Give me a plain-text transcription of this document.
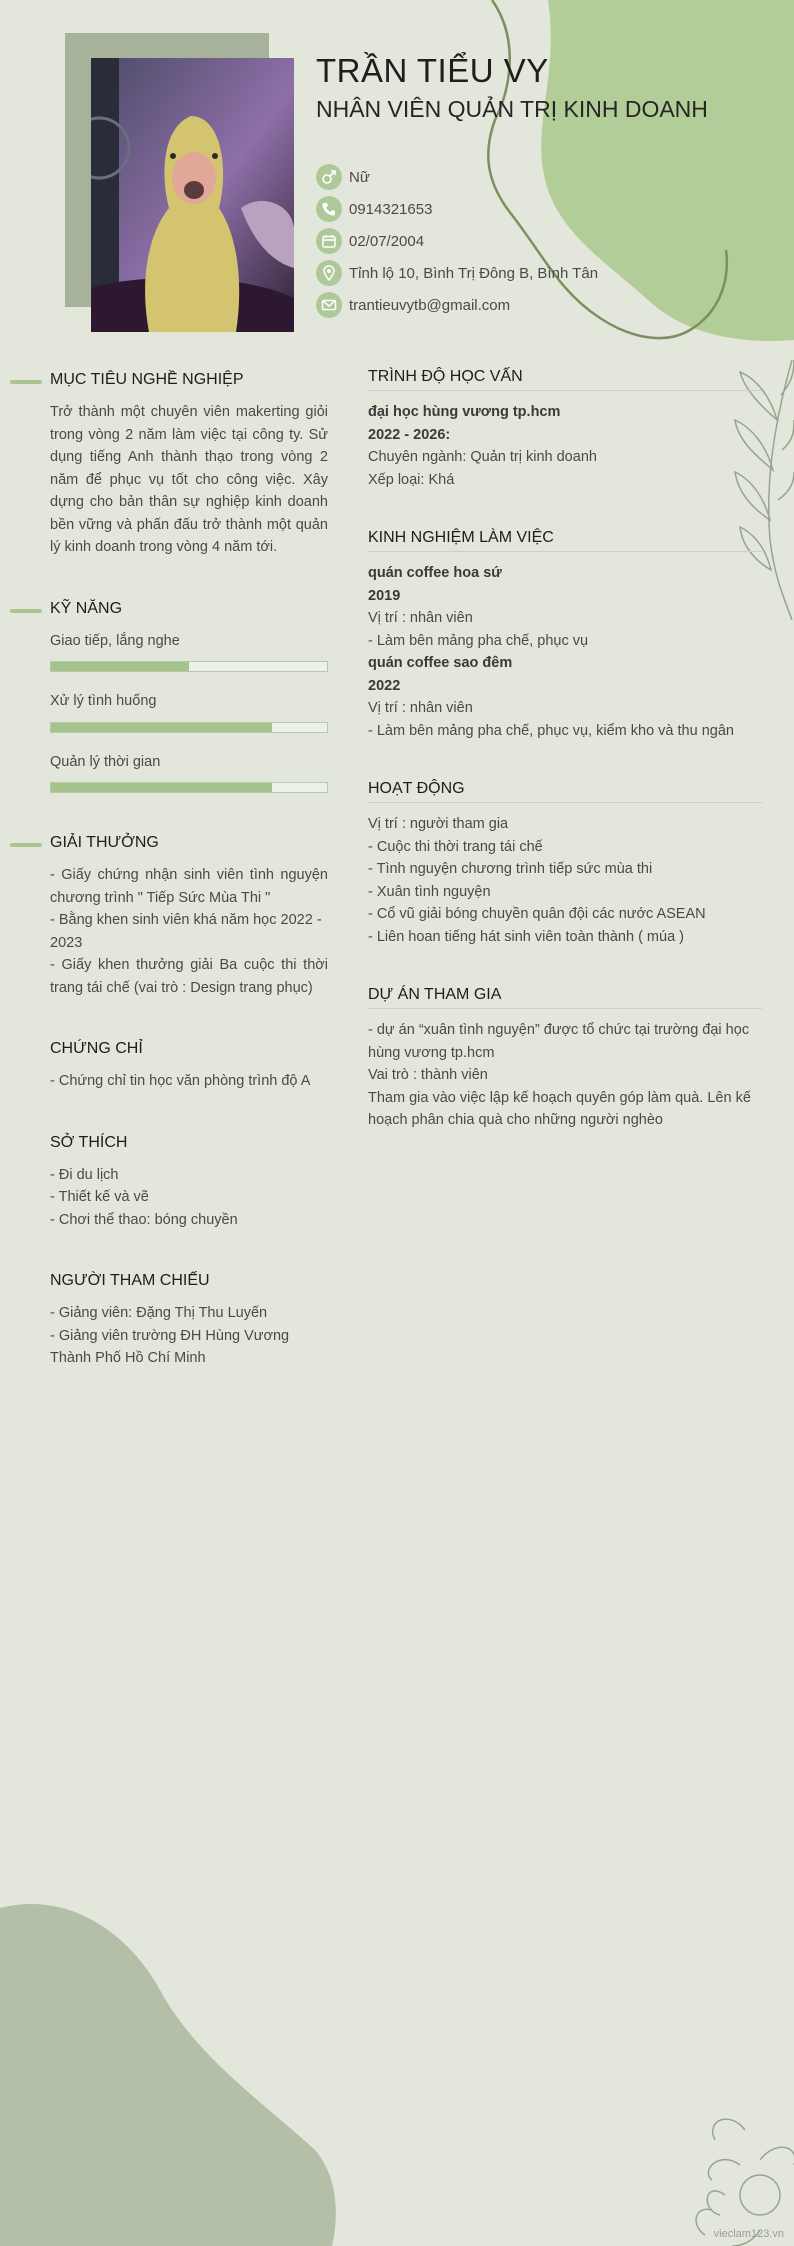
TRẦN TIỂU VY
NHÂN VIÊN QUẢN TRỊ KINH DOANH
Nữ
0914321653
02/07/2004
Tỉnh lộ 10, Bình Trị Đông B, Bình Tân
trantieuvytb@gmail.com
MỤC TIÊU NGHỀ NGHIỆP

Trở thành một chuyên viên makerting giỏi trong vòng 2 năm làm việc tại công ty. Sử dụng tiếng Anh thành thạo trong vòng 2 năm để phục vụ tốt cho công việc. Xây dựng cho bản thân sự nghiệp kinh doanh bền vững và phấn đấu trở thành một quản lý kinh doanh trong vòng 4 năm tới.

KỸ NĂNG

Giao tiếp, lắng nghe

Xử lý tình huống

Quản lý thời gian

GIẢI THƯỞNG

- Giấy chứng nhận sinh viên tình nguyện chương trình " Tiếp Sức Mùa Thi "

- Bằng khen sinh viên khá năm học 2022 - 2023

- Giấy khen thưởng giải Ba cuộc thi thời trang tái chế (vai trò : Design trang phục)

CHỨNG CHỈ

- Chứng chỉ tin học văn phòng trình độ A

SỞ THÍCH

- Đi du lịch

- Thiết kế và vẽ

- Chơi thể thao: bóng chuyền

NGƯỜI THAM CHIẾU

- Giảng viên: Đặng Thị Thu Luyến

- Giảng viên trường ĐH Hùng Vương

Thành Phố Hồ Chí Minh

TRÌNH ĐỘ HỌC VẤN

đại học hùng vương tp.hcm

2022 - 2026:

Chuyên ngành: Quản trị kinh doanh

Xếp loại: Khá

KINH NGHIỆM LÀM VIỆC

quán coffee hoa sứ

2019

Vị trí : nhân viên

- Làm bên mảng pha chế, phục vụ

quán coffee sao đêm

2022

Vị trí : nhân viên

- Làm bên mảng pha chế, phục vụ, kiểm kho và thu ngân

HOẠT ĐỘNG

Vị trí : người tham gia

- Cuộc thi thời trang tái chế

- Tình nguyện chương trình tiếp sức mùa thi

- Xuân tình nguyện

- Cổ vũ giải bóng chuyền quân đội các nước ASEAN

- Liên hoan tiếng hát sinh viên toàn thành ( múa )

DỰ ÁN THAM GIA

- dự án “xuân tình nguyện” được tổ chức tại trường đại học hùng vương tp.hcm

Vai trò : thành viên

Tham gia vào việc lập kế hoạch quyên góp làm quà. Lên kế hoạch phân chia quà cho những người nghèo

vieclam123.vn
